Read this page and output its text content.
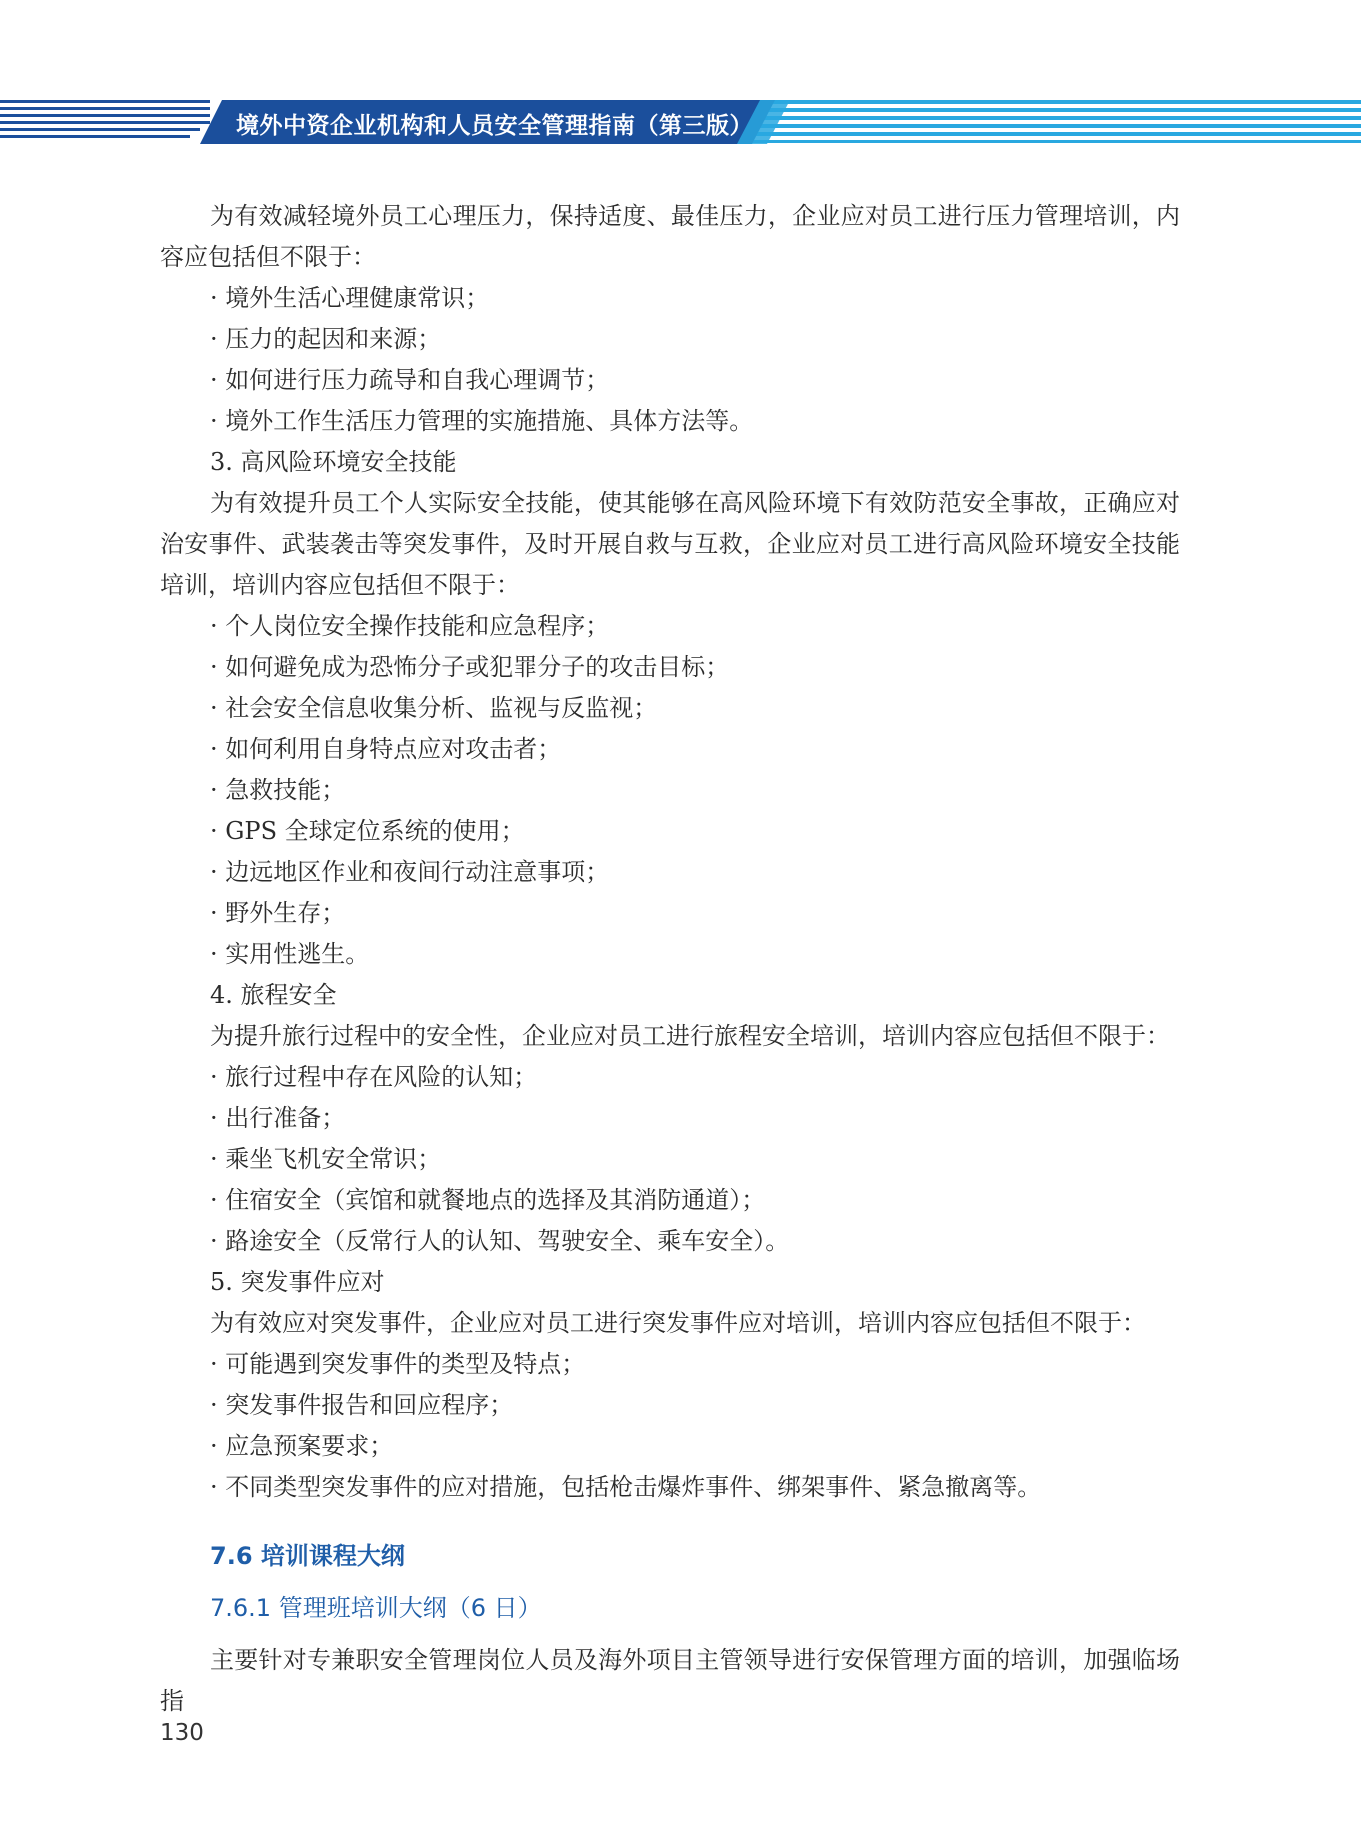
境外中资企业机构和人员安全管理指南（第三版）

为有效减轻境外员工心理压力，保持适度、最佳压力，企业应对员工进行压力管理培训，内容应包括但不限于：

· 境外生活心理健康常识；

· 压力的起因和来源；

· 如何进行压力疏导和自我心理调节；

· 境外工作生活压力管理的实施措施、具体方法等。

3. 高风险环境安全技能

为有效提升员工个人实际安全技能，使其能够在高风险环境下有效防范安全事故，正确应对治安事件、武装袭击等突发事件，及时开展自救与互救，企业应对员工进行高风险环境安全技能培训，培训内容应包括但不限于：

· 个人岗位安全操作技能和应急程序；

· 如何避免成为恐怖分子或犯罪分子的攻击目标；

· 社会安全信息收集分析、监视与反监视；

· 如何利用自身特点应对攻击者；

· 急救技能；

· GPS 全球定位系统的使用；

· 边远地区作业和夜间行动注意事项；

· 野外生存；

· 实用性逃生。

4. 旅程安全

为提升旅行过程中的安全性，企业应对员工进行旅程安全培训，培训内容应包括但不限于：

· 旅行过程中存在风险的认知；

· 出行准备；

· 乘坐飞机安全常识；

· 住宿安全（宾馆和就餐地点的选择及其消防通道）；

· 路途安全（反常行人的认知、驾驶安全、乘车安全）。

5. 突发事件应对

为有效应对突发事件，企业应对员工进行突发事件应对培训，培训内容应包括但不限于：

· 可能遇到突发事件的类型及特点；

· 突发事件报告和回应程序；

· 应急预案要求；

· 不同类型突发事件的应对措施，包括枪击爆炸事件、绑架事件、紧急撤离等。

7.6 培训课程大纲
7.6.1 管理班培训大纲（6 日）

主要针对专兼职安全管理岗位人员及海外项目主管领导进行安保管理方面的培训，加强临场指

130
